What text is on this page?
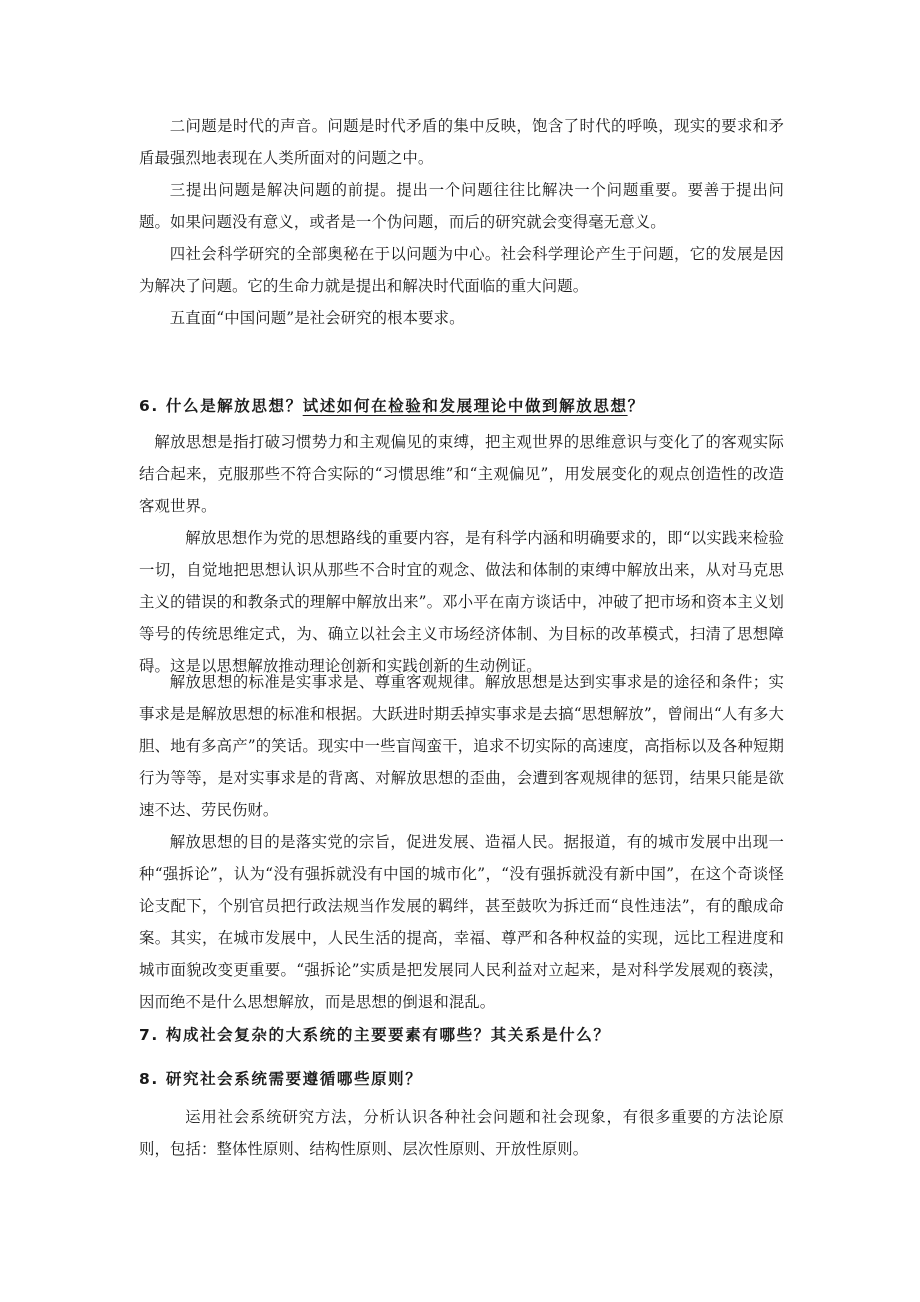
二问题是时代的声音。问题是时代矛盾的集中反映，饱含了时代的呼唤，现实的要求和矛盾最强烈地表现在人类所面对的问题之中。

三提出问题是解决问题的前提。提出一个问题往往比解决一个问题重要。要善于提出问题。如果问题没有意义，或者是一个伪问题，而后的研究就会变得毫无意义。

四社会科学研究的全部奥秘在于以问题为中心。社会科学理论产生于问题，它的发展是因为解决了问题。它的生命力就是提出和解决时代面临的重大问题。

五直面“中国问题”是社会研究的根本要求。

6. 什么是解放思想？试述如何在检验和发展理论中做到解放思想？

解放思想是指打破习惯势力和主观偏见的束缚，把主观世界的思维意识与变化了的客观实际结合起来，克服那些不符合实际的“习惯思维”和“主观偏见”，用发展变化的观点创造性的改造客观世界。

解放思想作为党的思想路线的重要内容，是有科学内涵和明确要求的，即“以实践来检验一切，自觉地把思想认识从那些不合时宜的观念、做法和体制的束缚中解放出来，从对马克思主义的错误的和教条式的理解中解放出来”。邓小平在南方谈话中，冲破了把市场和资本主义划等号的传统思维定式，为、确立以社会主义市场经济体制、为目标的改革模式，扫清了思想障碍。这是以思想解放推动理论创新和实践创新的生动例证。

解放思想的标准是实事求是、尊重客观规律。解放思想是达到实事求是的途径和条件；实事求是是解放思想的标准和根据。大跃进时期丢掉实事求是去搞“思想解放”，曾闹出“人有多大胆、地有多高产”的笑话。现实中一些盲闯蛮干，追求不切实际的高速度，高指标以及各种短期行为等等，是对实事求是的背离、对解放思想的歪曲，会遭到客观规律的惩罚，结果只能是欲速不达、劳民伤财。

解放思想的目的是落实党的宗旨，促进发展、造福人民。据报道，有的城市发展中出现一种“强拆论”，认为“没有强拆就没有中国的城市化”，“没有强拆就没有新中国”，在这个奇谈怪论支配下，个别官员把行政法规当作发展的羁绊，甚至鼓吹为拆迁而“良性违法”，有的酿成命案。其实，在城市发展中，人民生活的提高，幸福、尊严和各种权益的实现，远比工程进度和城市面貌改变更重要。“强拆论”实质是把发展同人民利益对立起来，是对科学发展观的亵渎，因而绝不是什么思想解放，而是思想的倒退和混乱。

7. 构成社会复杂的大系统的主要要素有哪些？其关系是什么？
8. 研究社会系统需要遵循哪些原则？

运用社会系统研究方法，分析认识各种社会问题和社会现象，有很多重要的方法论原则，包括：整体性原则、结构性原则、层次性原则、开放性原则。
